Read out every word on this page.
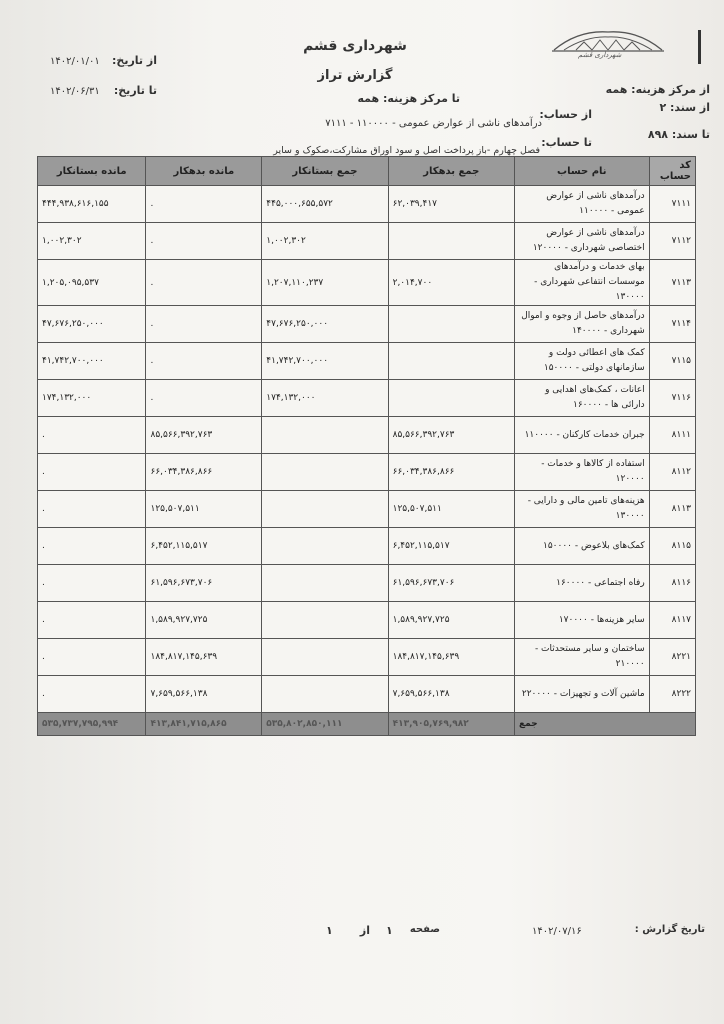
شهرداری قشم
شهرداری قشم
گزارش تراز
از تاریخ:
۱۴۰۲/۰۱/۰۱
تا تاریخ:
۱۴۰۲/۰۶/۳۱	از مرکز هزینه: همه
تا مرکز هزینه: همه
از سند: ۲
تا سند: ۸۹۸
از حساب:
درآمدهای ناشی از عوارض عمومی - ۱۱۰۰۰۰ - ۷۱۱۱
تا حساب:
فصل چهارم -باز پرداخت اصل و سود اوراق مشارکت،صکوک و سایر
کد حساب	نام حساب	جمع بدهکار	جمع بستانکار	مانده بدهکار	مانده بستانکار
۷۱۱۱	درآمدهای ناشی از عوارض عمومی - ۱۱۰۰۰۰	۶۲,۰۳۹,۴۱۷	۴۴۵,۰۰۰,۶۵۵,۵۷۲	.	۴۴۴,۹۳۸,۶۱۶,۱۵۵
۷۱۱۲	درآمدهای ناشی از عوارض اختصاصی شهرداری - ۱۲۰۰۰۰		۱,۰۰۲,۳۰۲	.	۱,۰۰۲,۳۰۲
۷۱۱۳	بهای خدمات و درآمدهای موسسات انتفاعی شهرداری - ۱۳۰۰۰۰	۲,۰۱۴,۷۰۰	۱,۲۰۷,۱۱۰,۲۳۷	.	۱,۲۰۵,۰۹۵,۵۳۷
۷۱۱۴	درآمدهای حاصل از وجوه و اموال شهرداری - ۱۴۰۰۰۰		۴۷,۶۷۶,۲۵۰,۰۰۰	.	۴۷,۶۷۶,۲۵۰,۰۰۰
۷۱۱۵	کمک های اعطائی دولت و سازمانهای دولتی - ۱۵۰۰۰۰		۴۱,۷۴۲,۷۰۰,۰۰۰	.	۴۱,۷۴۲,۷۰۰,۰۰۰
۷۱۱۶	اعانات ، کمک‌های اهدایی و دارائی ها - ۱۶۰۰۰۰		۱۷۴,۱۳۲,۰۰۰	.	۱۷۴,۱۳۲,۰۰۰
۸۱۱۱	جبران خدمات کارکنان - ۱۱۰۰۰۰	۸۵,۵۶۶,۳۹۲,۷۶۳		۸۵,۵۶۶,۳۹۲,۷۶۳	.
۸۱۱۲	استفاده از کالاها و خدمات - ۱۲۰۰۰۰	۶۶,۰۳۴,۳۸۶,۸۶۶		۶۶,۰۳۴,۳۸۶,۸۶۶	.
۸۱۱۳	هزینه‌های تامین مالی و دارایی - ۱۳۰۰۰۰	۱۲۵,۵۰۷,۵۱۱		۱۲۵,۵۰۷,۵۱۱	.
۸۱۱۵	کمک‌های بلاعوض - ۱۵۰۰۰۰	۶,۴۵۲,۱۱۵,۵۱۷		۶,۴۵۲,۱۱۵,۵۱۷	.
۸۱۱۶	رفاه اجتماعی - ۱۶۰۰۰۰	۶۱,۵۹۶,۶۷۳,۷۰۶		۶۱,۵۹۶,۶۷۳,۷۰۶	.
۸۱۱۷	سایر هزینه‌ها - ۱۷۰۰۰۰	۱,۵۸۹,۹۲۷,۷۲۵		۱,۵۸۹,۹۲۷,۷۲۵	.
۸۲۲۱	ساختمان و سایر مستحدثات - ۲۱۰۰۰۰	۱۸۴,۸۱۷,۱۴۵,۶۳۹		۱۸۴,۸۱۷,۱۴۵,۶۳۹	.
۸۲۲۲	ماشین آلات و تجهیزات - ۲۲۰۰۰۰	۷,۶۵۹,۵۶۶,۱۳۸		۷,۶۵۹,۵۶۶,۱۳۸	.
جمع		۴۱۳,۹۰۵,۷۶۹,۹۸۲	۵۳۵,۸۰۲,۸۵۰,۱۱۱	۴۱۳,۸۴۱,۷۱۵,۸۶۵	۵۳۵,۷۳۷,۷۹۵,۹۹۴
تاریخ گزارش :
۱۴۰۲/۰۷/۱۶
صفحه
۱
از
۱
